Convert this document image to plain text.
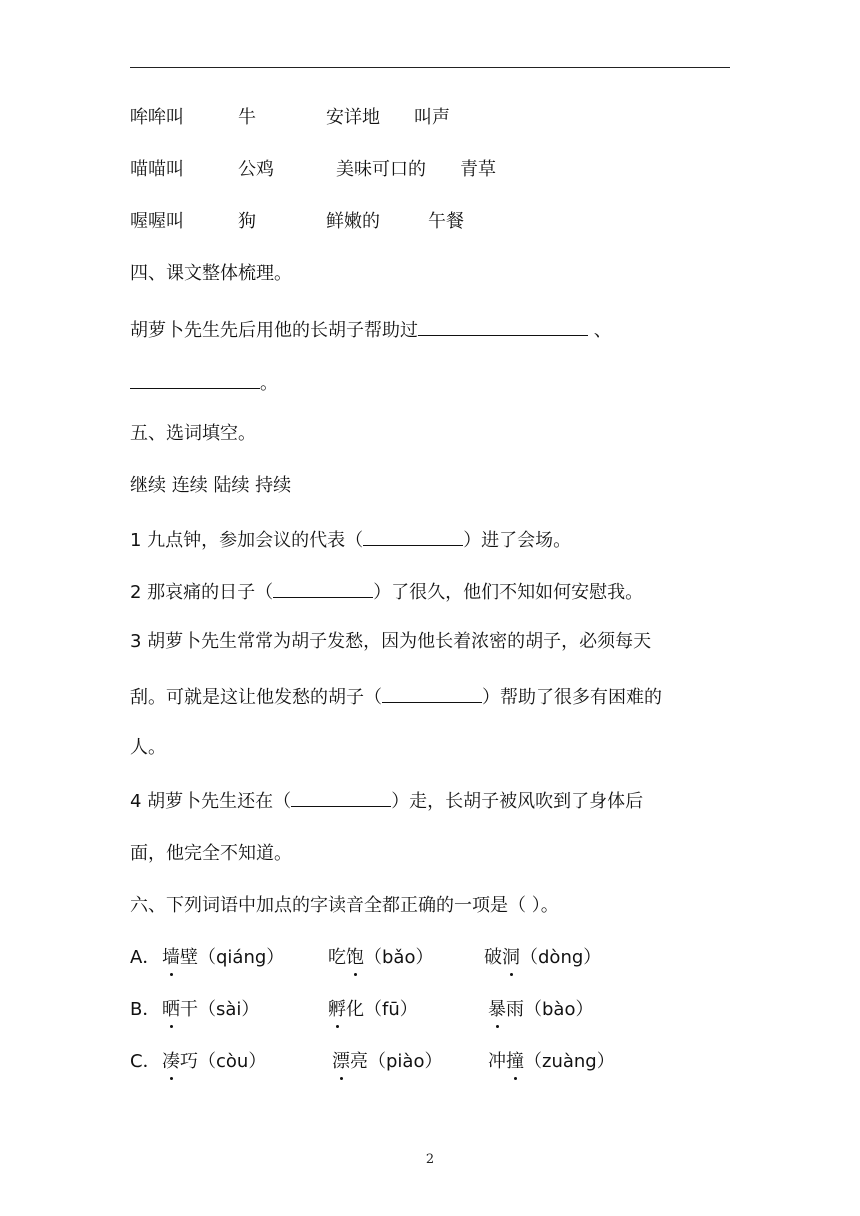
哞哞叫	牛	安详地 叫声
喵喵叫	公鸡	美味可口的 青草
喔喔叫	狗	鲜嫩的	午餐
四、课文整体梳理。
胡萝卜先生先后用他的长胡子帮助过	、
。
五、选词填空。
继续 连续 陆续 持续
1 九点钟，参加会议的代表（	）进了会场。
2 那哀痛的日子（	）了很久，他们不知如何安慰我。
3 胡萝卜先生常常为胡子发愁，因为他长着浓密的胡子，必须每天
刮。可就是这让他发愁的胡子（	）帮助了很多有困难的
人。
4 胡萝卜先生还在（	）走，长胡子被风吹到了身体后
面，他完全不知道。
六、下列词语中加点的字读音全都正确的一项是（ ）。
A． 墙壁（qiáng） 吃饱（bǎo）	破洞（dòng）
B． 晒干（sài）	孵化（fū）	暴雨（bào）
C． 凑巧（còu）	漂亮（piào）	冲撞（zuàng）
2
